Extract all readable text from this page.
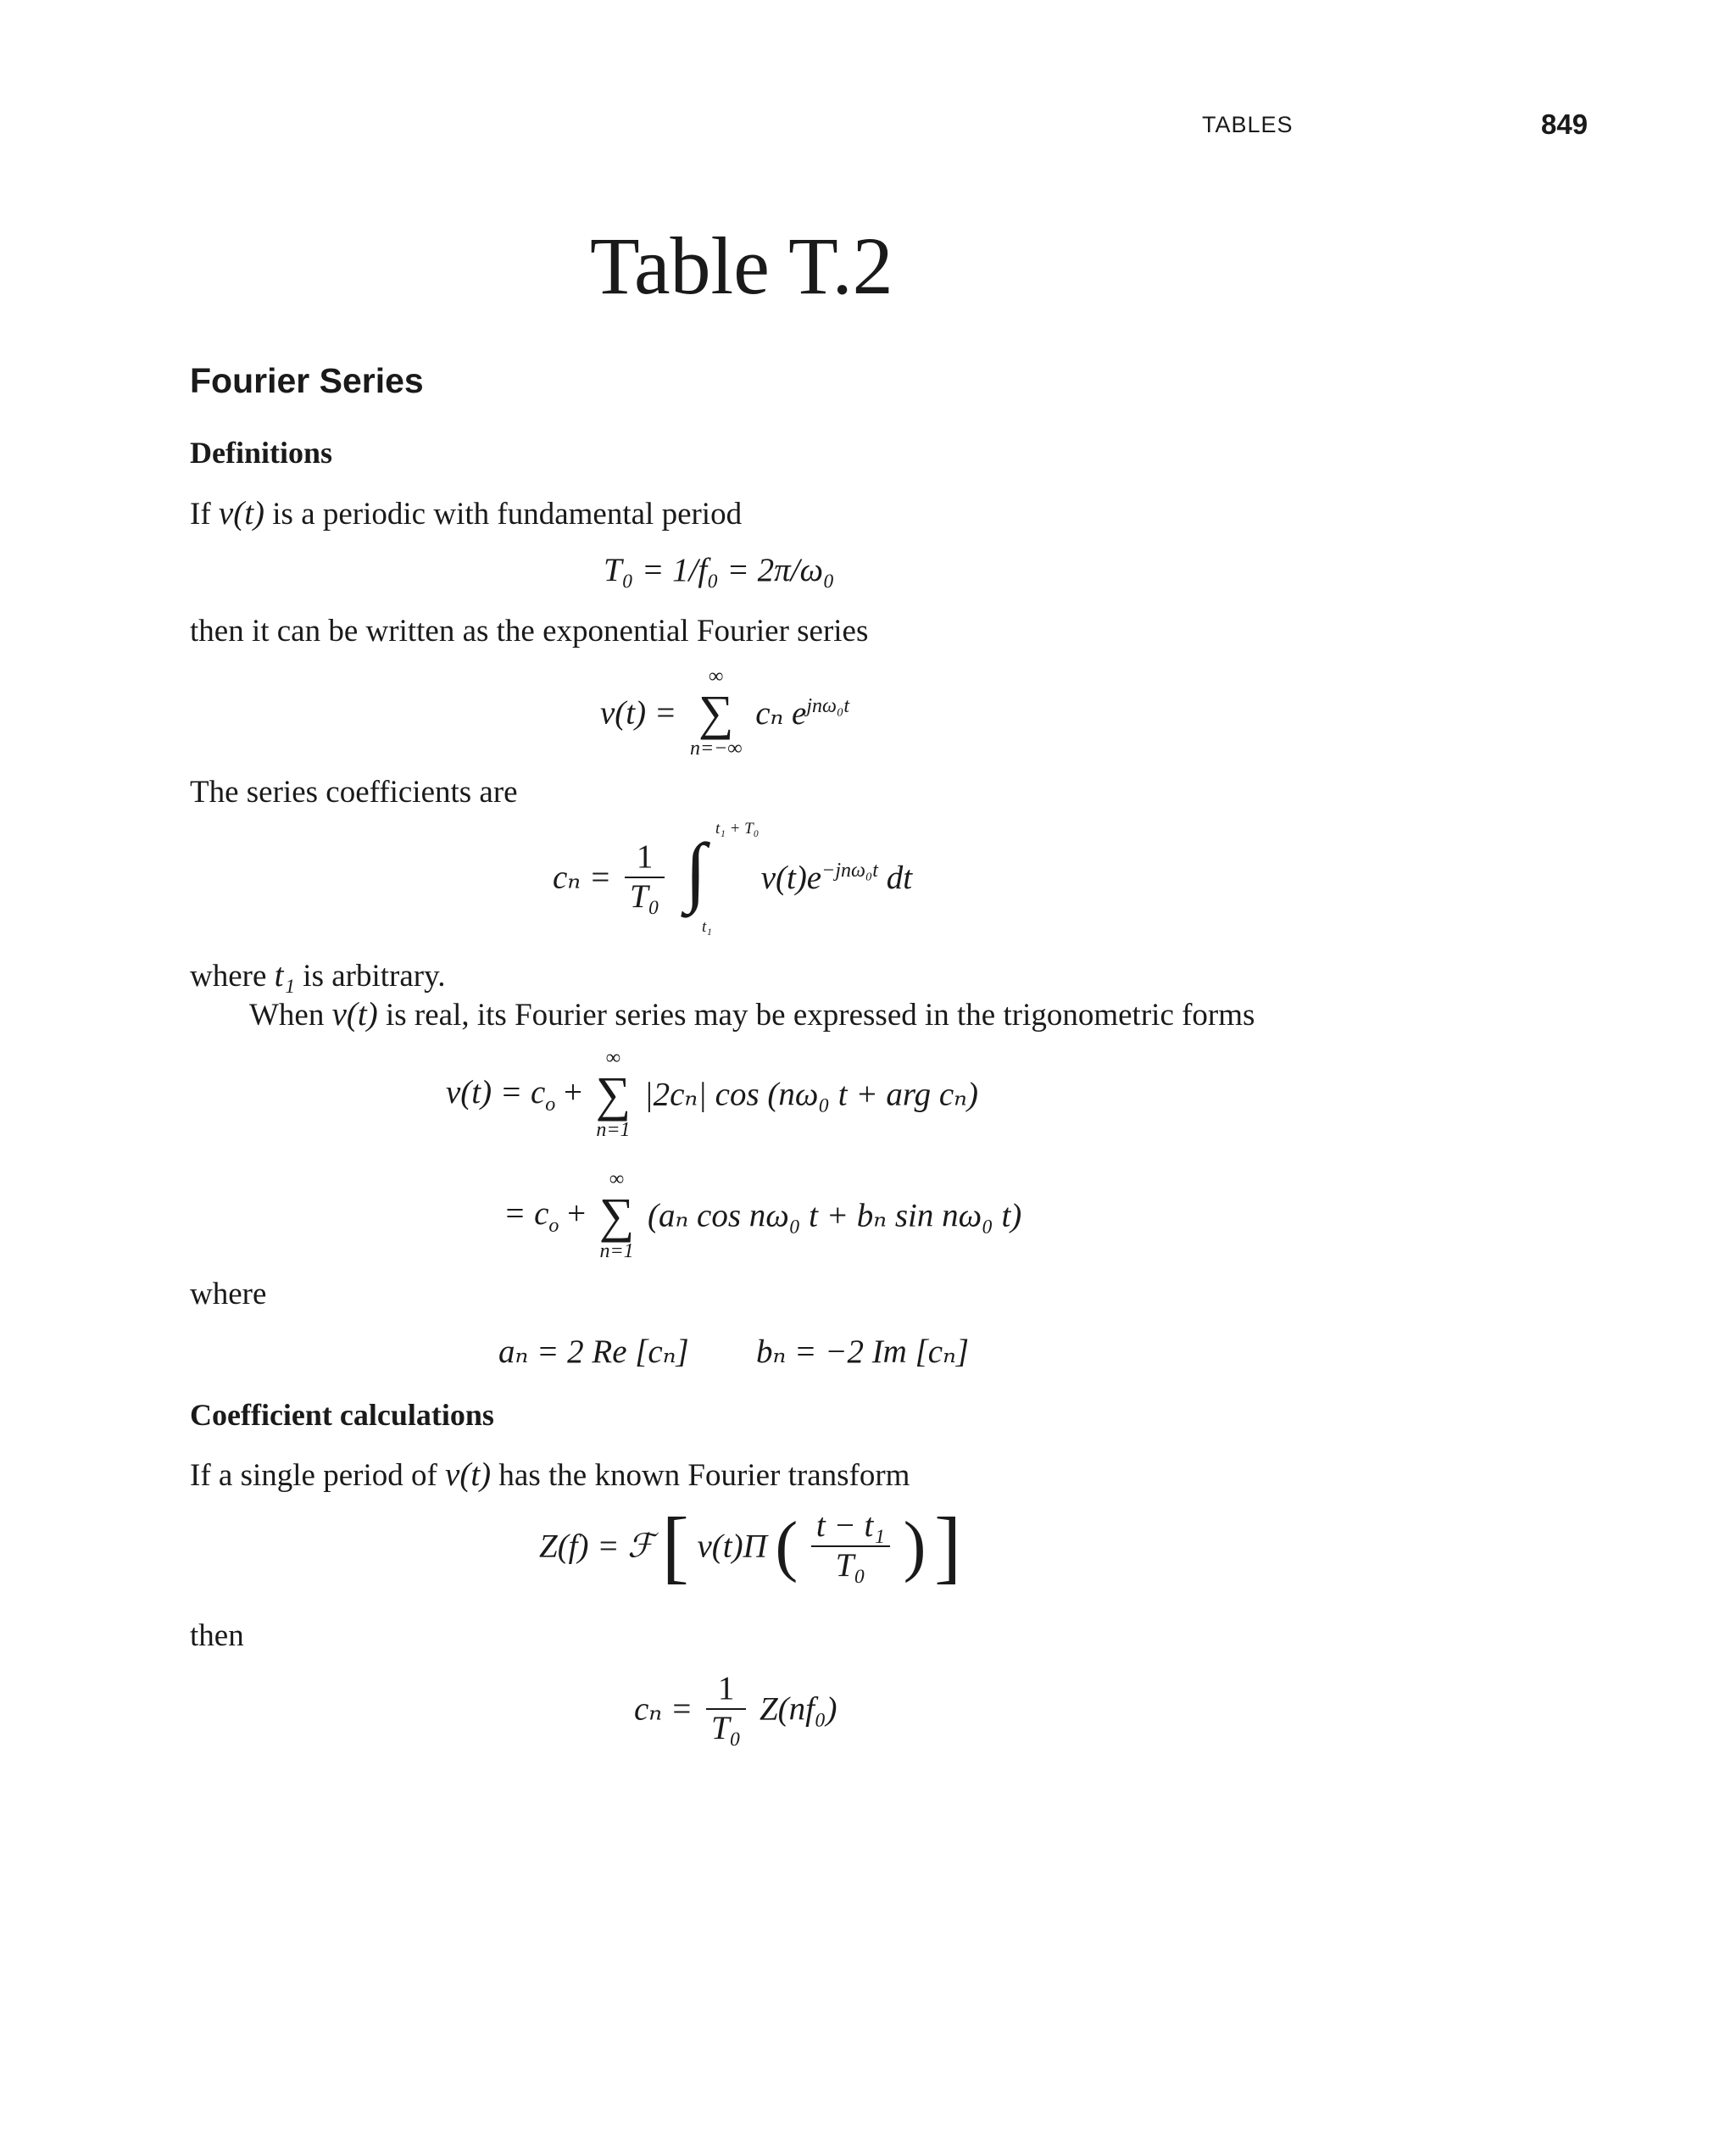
TABLES	849
Table T.2
Fourier Series
Definitions
If v(t) is a periodic with fundamental period
T₀ = 1/f₀ = 2π/ω₀
then it can be written as the exponential Fourier series
v(t) =
∞
∑
n=−∞
cₙ $e^{jn\omega_0t}$
The series coefficients are
$c_n = \frac{1}{\text{T₀}}$
∫ t₁ + T₀
t₁
$v(t)e^{-jn\omega_0t}$ dt
where t₁ is arbitrary.
When v(t) is real, its Fourier series may be expressed in the trigonometric forms
$v(t) = c_o$ +
∞
∑
n=1
|2cₙ| cos (nω₀ t + arg cₙ)
= $c_o$ +
∞
∑
n=1
(aₙ cos nω₀ t + bₙ sin nω₀ t)
where
aₙ = 2 Re [cₙ] bₙ = −2 Im [cₙ]
Coefficient calculations
If a single period of v(t) has the known Fourier transform
Z(f) = ℱ [ v(t)Π ( $\frac{\text{t − t₁}}{\text{T₀}}$ ) ]
then
$c_n = \frac{1}{\text{T₀}} Z(nf_0)$
